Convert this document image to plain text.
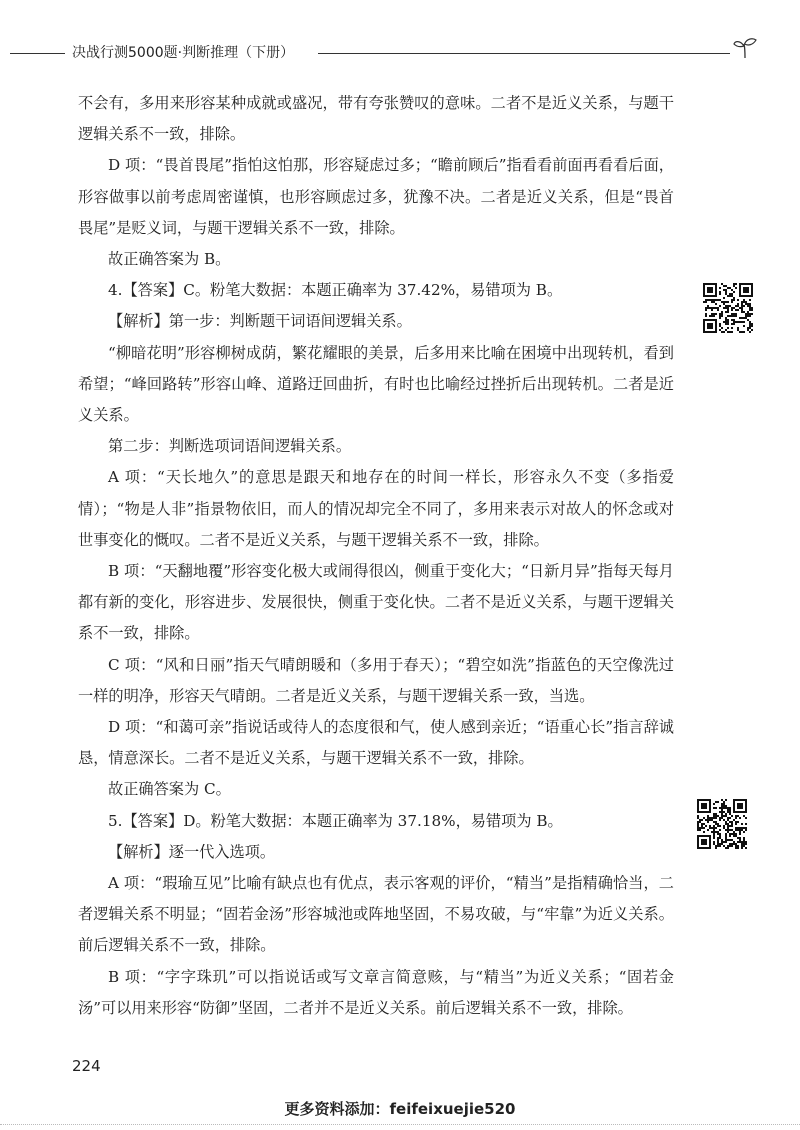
决战行测5000题·判断推理（下册）

不会有，多用来形容某种成就或盛况，带有夸张赞叹的意味。二者不是近义关系，与题干逻辑关系不一致，排除。

D 项：“畏首畏尾”指怕这怕那，形容疑虑过多；“瞻前顾后”指看看前面再看看后面，形容做事以前考虑周密谨慎，也形容顾虑过多，犹豫不决。二者是近义关系，但是“畏首畏尾”是贬义词，与题干逻辑关系不一致，排除。

故正确答案为 B。

4.【答案】C。粉笔大数据：本题正确率为 37.42%，易错项为 B。

【解析】第一步：判断题干词语间逻辑关系。

“柳暗花明”形容柳树成荫，繁花耀眼的美景，后多用来比喻在困境中出现转机，看到希望；“峰回路转”形容山峰、道路迂回曲折，有时也比喻经过挫折后出现转机。二者是近义关系。

第二步：判断选项词语间逻辑关系。

A 项：“天长地久”的意思是跟天和地存在的时间一样长，形容永久不变（多指爱情）；“物是人非”指景物依旧，而人的情况却完全不同了，多用来表示对故人的怀念或对世事变化的慨叹。二者不是近义关系，与题干逻辑关系不一致，排除。

B 项：“天翻地覆”形容变化极大或闹得很凶，侧重于变化大；“日新月异”指每天每月都有新的变化，形容进步、发展很快，侧重于变化快。二者不是近义关系，与题干逻辑关系不一致，排除。

C 项：“风和日丽”指天气晴朗暖和（多用于春天）；“碧空如洗”指蓝色的天空像洗过一样的明净，形容天气晴朗。二者是近义关系，与题干逻辑关系一致，当选。

D 项：“和蔼可亲”指说话或待人的态度很和气，使人感到亲近；“语重心长”指言辞诚恳，情意深长。二者不是近义关系，与题干逻辑关系不一致，排除。

故正确答案为 C。

5.【答案】D。粉笔大数据：本题正确率为 37.18%，易错项为 B。

【解析】逐一代入选项。

A 项：“瑕瑜互见”比喻有缺点也有优点，表示客观的评价，“精当”是指精确恰当，二者逻辑关系不明显；“固若金汤”形容城池或阵地坚固，不易攻破，与“牢靠”为近义关系。前后逻辑关系不一致，排除。

B 项：“字字珠玑”可以指说话或写文章言简意赅，与“精当”为近义关系；“固若金汤”可以用来形容“防御”坚固，二者并不是近义关系。前后逻辑关系不一致，排除。

224
更多资料添加：feifeixuejie520
